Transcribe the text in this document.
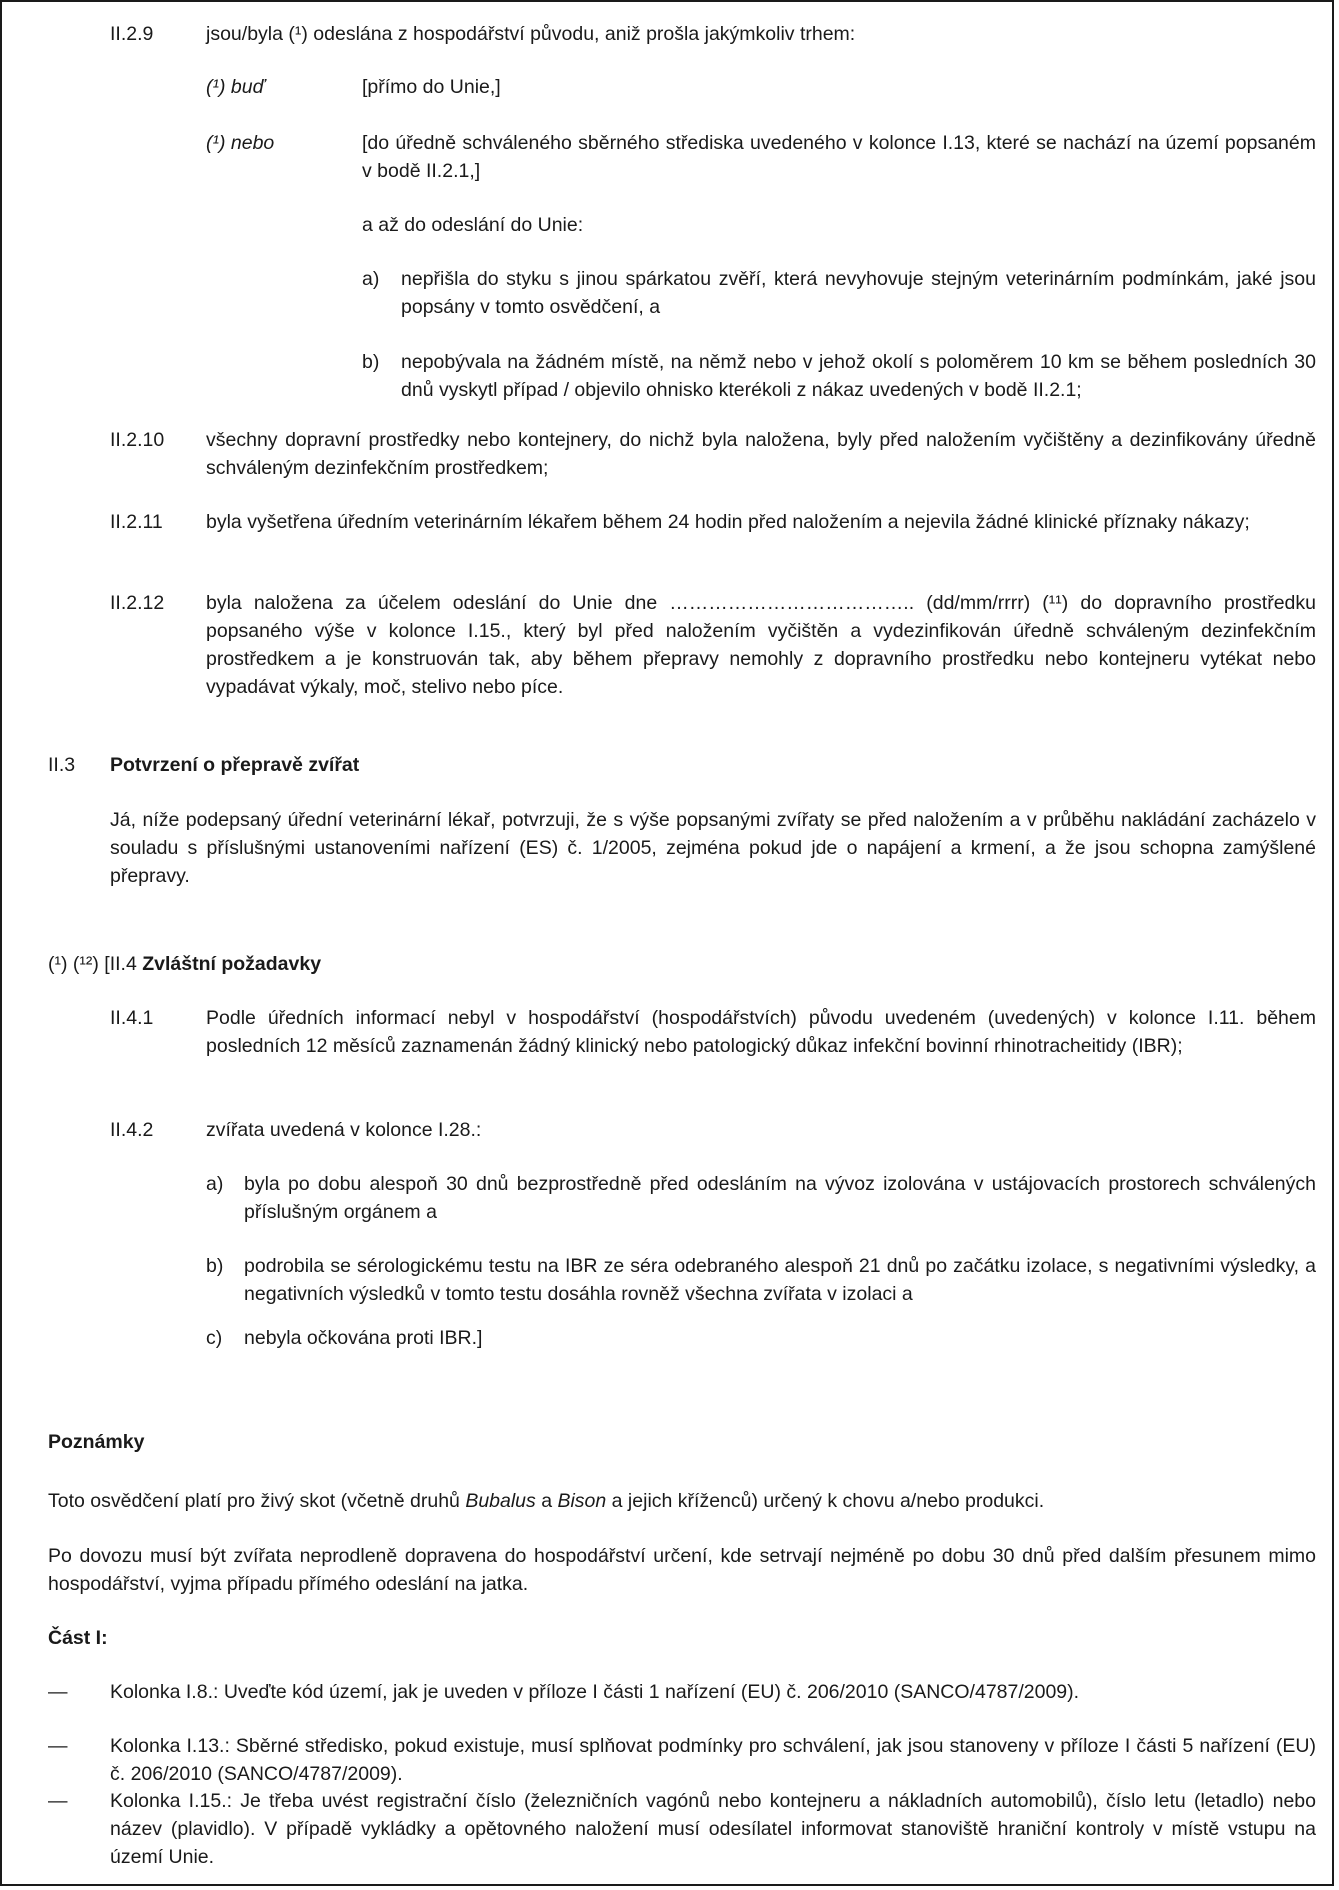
II.2.9	jsou/byla (¹) odeslána z hospodářství původu, aniž prošla jakýmkoliv trhem:
(¹) buď	[přímo do Unie,]
(¹) nebo	[do úředně schváleného sběrného střediska uvedeného v kolonce I.13, které se nachází na území popsaném v bodě II.2.1,]
a až do odeslání do Unie:
a) nepřišla do styku s jinou spárkatou zvěří, která nevyhovuje stejným veterinárním podmínkám, jaké jsou popsány v tomto osvědčení, a
b) nepobývala na žádném místě, na němž nebo v jehož okolí s poloměrem 10 km se během posledních 30 dnů vyskytl případ / objevilo ohnisko kterékoli z nákaz uvedených v bodě II.2.1;
II.2.10 všechny dopravní prostředky nebo kontejnery, do nichž byla naložena, byly před naložením vyčištěny a dezinfikovány úředně schváleným dezinfekčním prostředkem;
II.2.11 byla vyšetřena úředním veterinárním lékařem během 24 hodin před naložením a nejevila žádné klinické příznaky nákazy;
II.2.12 byla naložena za účelem odeslání do Unie dne ……………………………….. (dd/mm/rrrr) (¹¹) do dopravního prostředku popsaného výše v kolonce I.15., který byl před naložením vyčištěn a vydezinfikován úředně schváleným dezinfekčním prostředkem a je konstruován tak, aby během přepravy nemohly z dopravního prostředku nebo kontejneru vytékat nebo vypadávat výkaly, moč, stelivo nebo píce.
II.3 Potvrzení o přepravě zvířat
Já, níže podepsaný úřední veterinární lékař, potvrzuji, že s výše popsanými zvířaty se před naložením a v průběhu nakládání zacházelo v souladu s příslušnými ustanoveními nařízení (ES) č. 1/2005, zejména pokud jde o napájení a krmení, a že jsou schopna zamýšlené přepravy.
(¹) (¹²) [II.4 Zvláštní požadavky
II.4.1	Podle úředních informací nebyl v hospodářství (hospodářstvích) původu uvedeném (uvedených) v kolonce I.11. během posledních 12 měsíců zaznamenán žádný klinický nebo patologický důkaz infekční bovinní rhinotracheitidy (IBR);
II.4.2	zvířata uvedená v kolonce I.28.:
a) byla po dobu alespoň 30 dnů bezprostředně před odesláním na vývoz izolována v ustájovacích prostorech schválených příslušným orgánem a
b) podrobila se sérologickému testu na IBR ze séra odebraného alespoň 21 dnů po začátku izolace, s negativními výsledky, a negativních výsledků v tomto testu dosáhla rovněž všechna zvířata v izolaci a
c) nebyla očkována proti IBR.]
Poznámky
Toto osvědčení platí pro živý skot (včetně druhů Bubalus a Bison a jejich kříženců) určený k chovu a/nebo produkci.
Po dovozu musí být zvířata neprodleně dopravena do hospodářství určení, kde setrvají nejméně po dobu 30 dnů před dalším přesunem mimo hospodářství, vyjma případu přímého odeslání na jatka.
Část I:
— Kolonka I.8.: Uveďte kód území, jak je uveden v příloze I části 1 nařízení (EU) č. 206/2010 (SANCO/4787/2009).
— Kolonka I.13.: Sběrné středisko, pokud existuje, musí splňovat podmínky pro schválení, jak jsou stanoveny v příloze I části 5 nařízení (EU) č. 206/2010 (SANCO/4787/2009).
— Kolonka I.15.: Je třeba uvést registrační číslo (železničních vagónů nebo kontejneru a nákladních automobilů), číslo letu (letadlo) nebo název (plavidlo). V případě vykládky a opětovného naložení musí odesílatel informovat stanoviště hraniční kontroly v místě vstupu na území Unie.
